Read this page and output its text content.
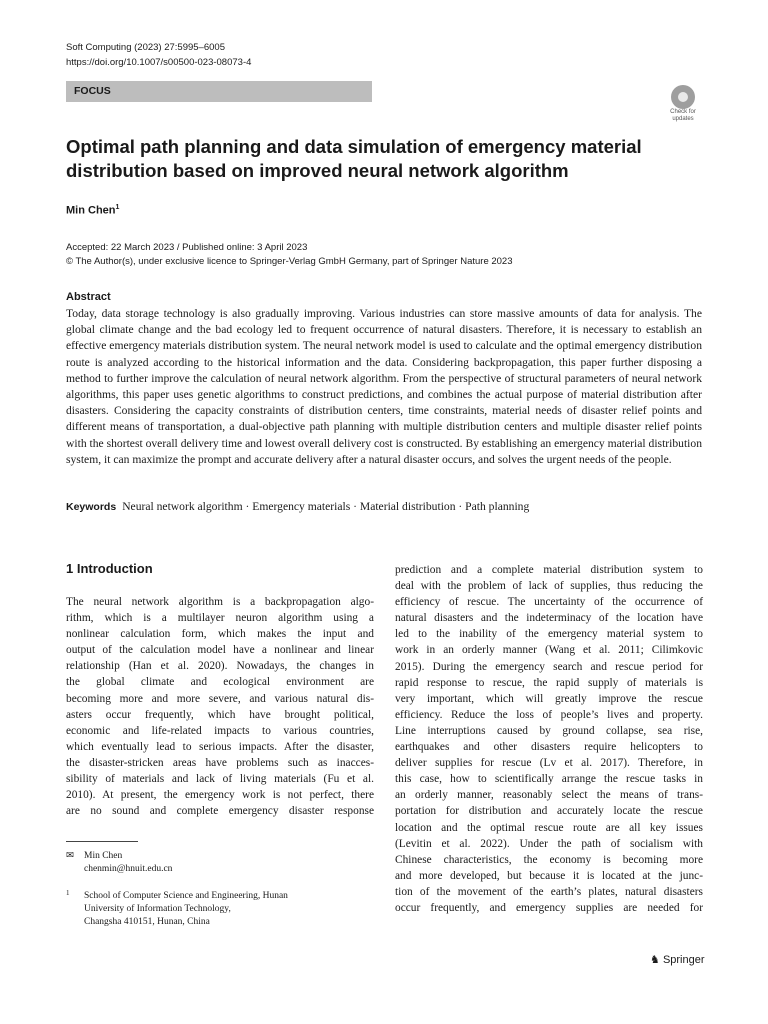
Soft Computing (2023) 27:5995–6005
https://doi.org/10.1007/s00500-023-08073-4
FOCUS
Check for
updates
Optimal path planning and data simulation of emergency material
distribution based on improved neural network algorithm
Min Chen$^1$
Accepted: 22 March 2023 / Published online: 3 April 2023
© The Author(s), under exclusive licence to Springer-Verlag GmbH Germany, part of Springer Nature 2023
Abstract
Today, data storage technology is also gradually improving. Various industries can store massive amounts of data for analysis. The global climate change and the bad ecology led to frequent occurrence of natural disasters. Therefore, it is necessary to establish an effective emergency materials distribution system. The neural network model is used to calculate and the optimal emergency distribution route is analyzed according to the historical information and the data. Considering backpropagation, this paper further disposing a method to further improve the calculation of neural network algorithm. From the perspective of structural parameters of neural network algorithms, this paper uses genetic algorithms to construct predictions, and combines the actual purpose of material distribution after disasters. Considering the capacity constraints of distribution centers, time constraints, material needs of disaster relief points and different means of transportation, a dual-objective path planning with multiple distribution centers and multiple disaster relief points with the shortest overall delivery time and lowest overall delivery cost is constructed. By establishing an emergency material distribution system, it can maximize the prompt and accurate delivery after a natural disaster occurs, and solves the urgent needs of the people.
Keywords Neural network algorithm · Emergency materials · Material distribution · Path planning
1 Introduction
The neural network algorithm is a backpropagation algo-
rithm, which is a multilayer neuron algorithm using a
nonlinear calculation form, which makes the input and
output of the calculation model have a nonlinear and linear
relationship (Han et al. 2020). Nowadays, the changes in
the global climate and ecological environment are
becoming more and more severe, and various natural dis-
asters occur frequently, which have brought political,
economic and life-related impacts to various countries,
which eventually lead to serious impacts. After the disaster,
the disaster-stricken areas have problems such as inacces-
sibility of materials and lack of living materials (Fu et al.
2010). At present, the emergency work is not perfect, there
are no sound and complete emergency disaster response
prediction and a complete material distribution system to
deal with the problem of lack of supplies, thus reducing the
efficiency of rescue. The uncertainty of the occurrence of
natural disasters and the indeterminacy of the location have
led to the inability of the emergency material system to
work in an orderly manner (Wang et al. 2011; Cilimkovic
2015). During the emergency search and rescue period for
rapid response to rescue, the rapid supply of materials is
very important, which will greatly improve the rescue
efficiency. Reduce the loss of people’s lives and property.
Line interruptions caused by ground collapse, sea rise,
earthquakes and other disasters require helicopters to
deliver supplies for rescue (Lv et al. 2017). Therefore, in
this case, how to scientifically arrange the rescue tasks in
an orderly manner, reasonably select the means of trans-
portation for distribution and accurately locate the rescue
location and the optimal rescue route are all key issues
(Levitin et al. 2022). Under the path of socialism with
Chinese characteristics, the economy is becoming more
and more developed, but because it is located at the junc-
tion of the movement of the earth’s plates, natural disasters
occur frequently, and emergency supplies are needed for
✉ Min Chen
chenmin@hnuit.edu.cn
1 School of Computer Science and Engineering, Hunan
University of Information Technology,
Changsha 410151, Hunan, China
♞ Springer
